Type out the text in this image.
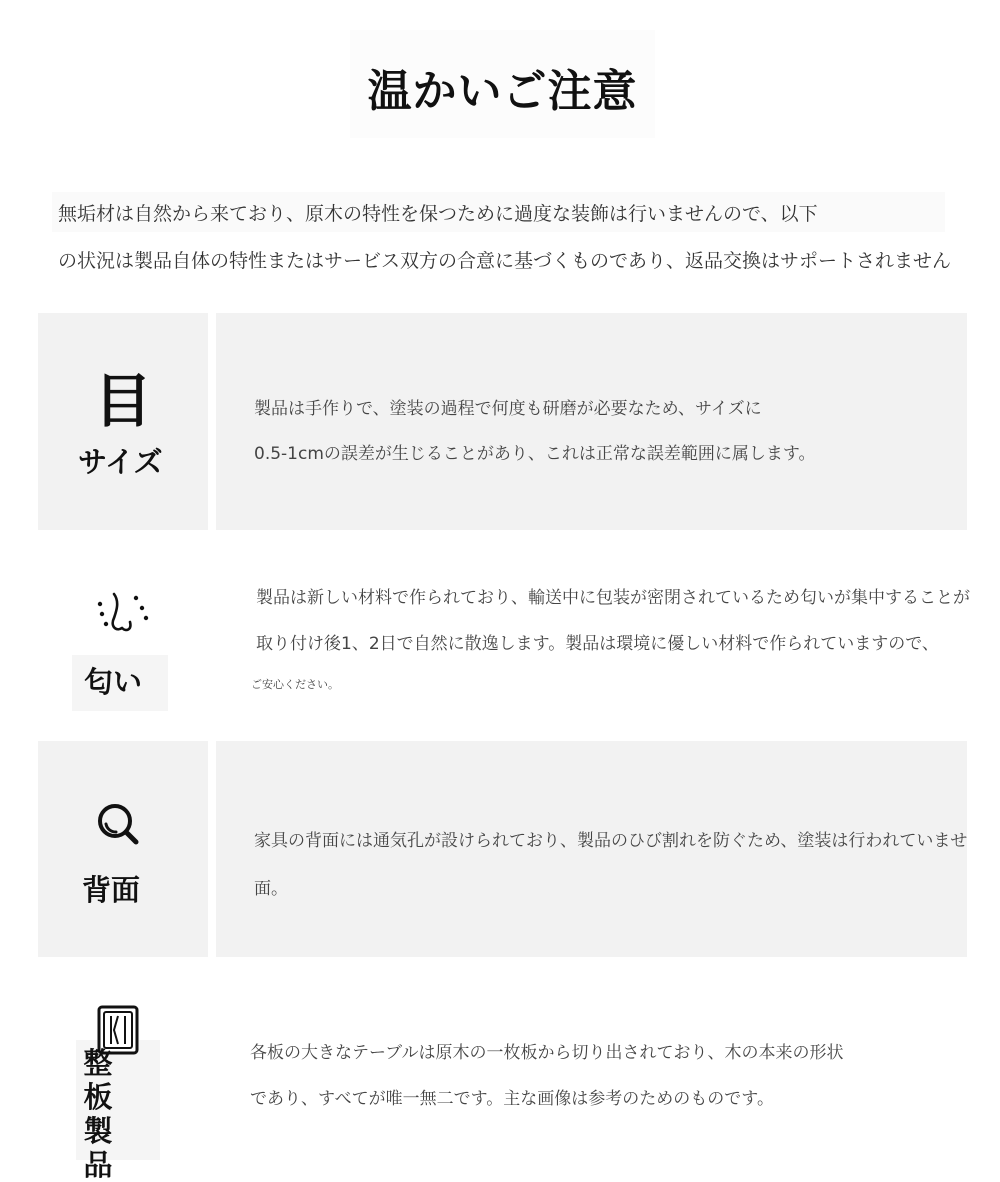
温かいご注意
無垢材は自然から来ており、原木の特性を保つために過度な装飾は行いませんので、以下
の状況は製品自体の特性またはサービス双方の合意に基づくものであり、返品交換はサポートされません
目
サイズ
製品は手作りで、塗装の過程で何度も研磨が必要なため、サイズに
0.5-1cmの誤差が生じることがあり、これは正常な誤差範囲に属します。
匂い
製品は新しい材料で作られており、輸送中に包装が密閉されているため匂いが集中することが
取り付け後1、2日で自然に散逸します。製品は環境に優しい材料で作られていますので、
ご安心ください。
背面
家具の背面には通気孔が設けられており、製品のひび割れを防ぐため、塗装は行われていませ
面。
整板製品
各板の大きなテーブルは原木の一枚板から切り出されており、木の本来の形状
であり、すべてが唯一無二です。主な画像は参考のためのものです。
